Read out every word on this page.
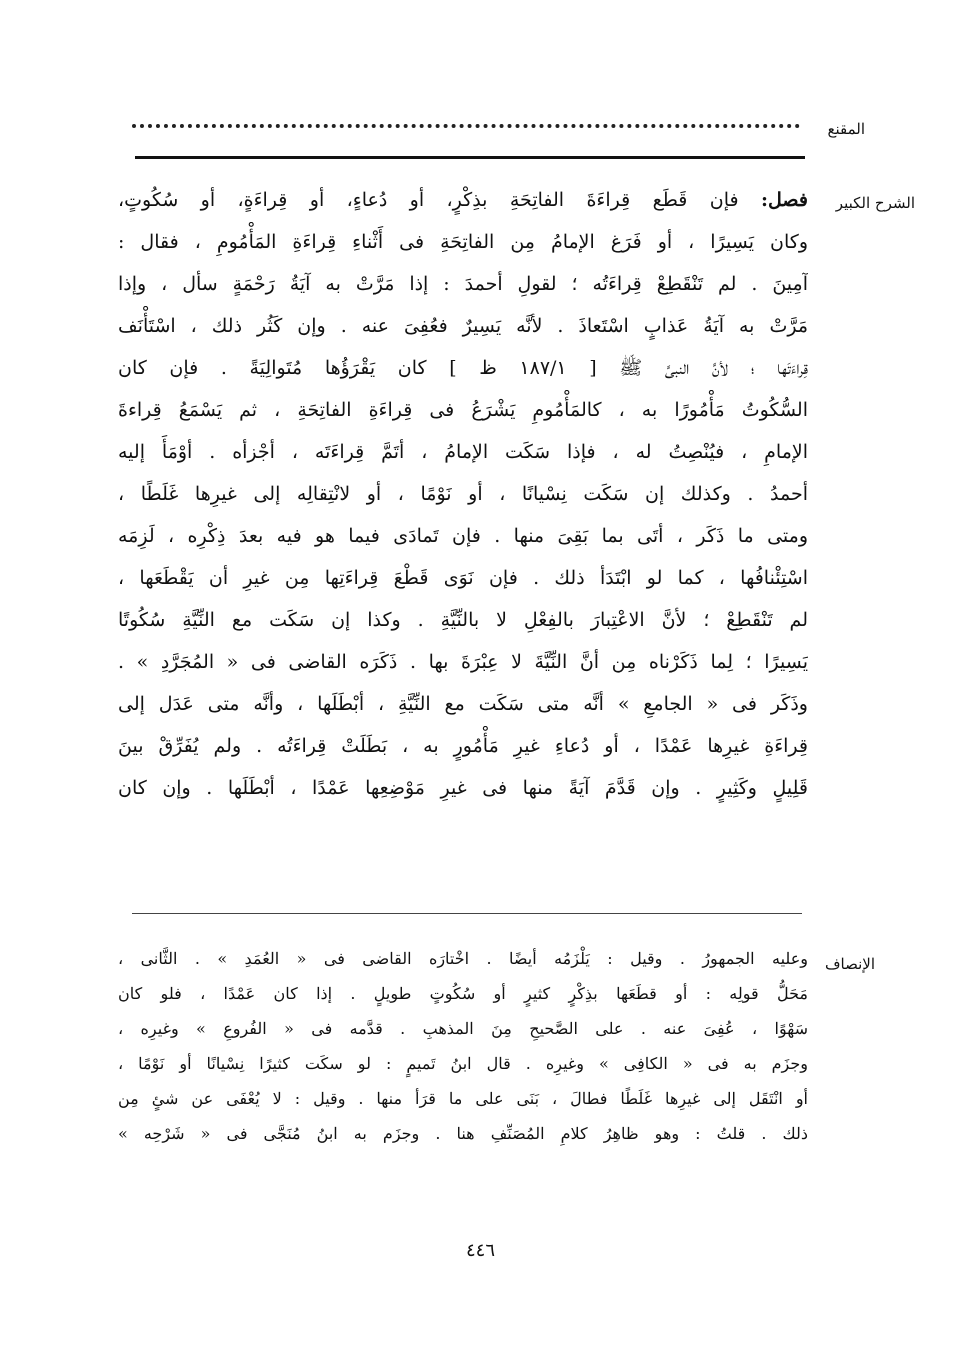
المقنع
الشرح الكبير
فصل: فإن قَطَع قِراءَةَ الفاتِحَةِ بذِكْرٍ، أو دُعاءٍ، أو قِراءَةٍ، أو سُكُوتٍ،
وكان يَسِيرًا ، أو فَرَغ الإمامُ مِن الفاتِحَةِ فى أَثْناءِ قِراءَةِ المَأْمُومِ ، فقال :
آمِينَ . لم تَنْقَطِعْ قِراءَتُه ؛ لقولِ أحمدَ : إذا مَرَّتْ به آيَةُ رَحْمَةٍ سأل ، وإذا
مَرَّتْ به آيَةُ عَذابٍ اسْتَعاذَ . لأنَّه يَسِيرٌ فعُفِىَ عنه . وإن كَثُر ذلك ، اسْتَأْنَف
قِراءَتَها ؛ لأنَّ النبىَّ ﷺ [ ١٨٧/١ ظ ] كان يَقْرَؤُها مُتَوالِيَةً . فإن كان
السُّكُوتُ مَأْمُورًا به ، كالمَأْمُومِ يَشْرَعُ فى قِراءَةِ الفاتِحَةِ ، ثم يَسْمَعُ قِراءةَ
الإمامِ ، فيُنْصِتُ له ، فإذا سَكَت الإمامُ ، أتَمَّ قِراءَتَه ، أجْزأه . أوْمَأَ إليه
أحمدُ . وكذلك إن سَكَت نِسْيانًا ، أو نَوْمًا ، أو لانْتِقالِه إلى غيرِها غَلَطًا ،
ومتى ما ذَكَر ، أتَى بما بَقِىَ منها . فإن تَمادَى فيما هو فيه بعدَ ذِكْرِه ، لَزِمَه
اسْتِئْنافُها ، كما لو ابْتَدَأ ذلك . فإن نَوَى قَطْعَ قِراءَتِها مِن غيرِ أن يَقْطَعَها ،
لم تَنْقَطِعْ ؛ لأنَّ الاعْتِبارَ بالفِعْلِ لا بالنِّيَّةِ . وكذا إن سَكَت مع النِّيَّةِ سُكُوتًا
يَسِيرًا ؛ لِما ذَكَرْناه مِن أنَّ النِّيَّةَ لا عِبْرَةَ بها . ذَكَرَه القاضى فى « المُجَرَّدِ » .
وذَكَر فى « الجامعِ » أنَّه متى سَكَت مع النِّيَّةِ ، أبْطَلَها ، وأنَّه متى عَدَل إلى
قِراءَةِ غيرِها عَمْدًا ، أو دُعاءِ غيرِ مَأْمُورٍ به ، بَطَلَتْ قِراءَتُه . ولم يُفَرِّقْ بينَ
قَلِيلٍ وكَثِيرٍ . وإن قَدَّمَ آيَةً منها فى غيرِ مَوْضِعِها عَمْدًا ، أبْطَلَها . وإن كان
الإنصاف
وعليه الجمهورُ . وقيل : يَلْزَمُه أيضًا . اخْتارَه القاضى فى « العُمَدِ » . الثَّانى ،
مَحَلُّ قولِه : أو قطَعَها بذِكْرٍ كثيرٍ أو سُكُوتٍ طويلٍ . إذا كان عَمْدًا ، فلو كان
سَهْوًا ، عُفِىَ عنه . على الصَّحيحِ مِنَ المذهبِ . قدَّمه فى « الفُروعِ » وغيرِه ،
وجزَم به فى « الكافِى » وغيرِه . قال ابنُ تَميمٍ : لو سكَت كثيرًا نِسْيانًا أو نَوْمًا ،
أو انْتَقَل إلى غيرِها غَلَطًا فطالَ ، بَنَى على ما قرَأ منها . وقيل : لا يُعْفَى عن شئٍ مِن
ذلك . قلتُ : وهو ظاهِرُ كلامِ المُصَنِّفِ هنا . وجزَم به ابنُ مُنَجَّى فى « شَرْحِه »
٤٤٦
